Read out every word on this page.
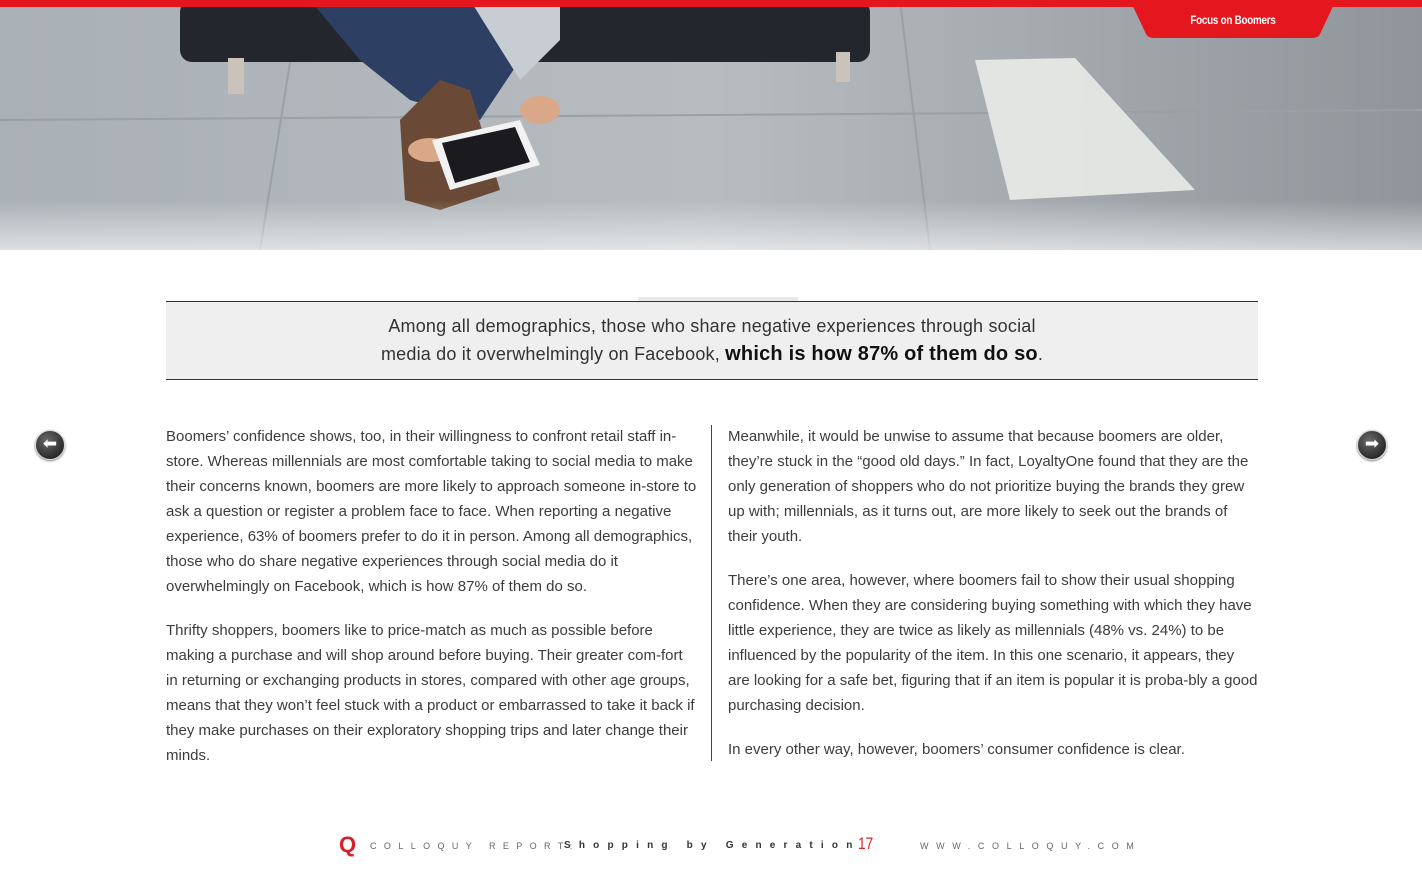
Focus on Boomers
Among all demographics, those who share negative experiences through social
media do it overwhelmingly on Facebook, which is how 87% of them do so.
⬅	➡

Boomers’ confidence shows, too, in their willingness to confront retail staff in-store. Whereas millennials are most comfortable taking to social media to make their concerns known, boomers are more likely to approach someone in-store to ask a question or register a problem face to face. When reporting a negative experience, 63% of boomers prefer to do it in person. Among all demographics, those who do share negative experiences through social media do it overwhelmingly on Facebook, which is how 87% of them do so.

Thrifty shoppers, boomers like to price-match as much as possible before making a purchase and will shop around before buying. Their greater com-fort in returning or exchanging products in stores, compared with other age groups, means that they won’t feel stuck with a product or embarrassed to take it back if they make purchases on their exploratory shopping trips and later change their minds.

Meanwhile, it would be unwise to assume that because boomers are older, they’re stuck in the “good old days.” In fact, LoyaltyOne found that they are the only generation of shoppers who do not prioritize buying the brands they grew up with; millennials, as it turns out, are more likely to seek out the brands of their youth.

There’s one area, however, where boomers fail to show their usual shopping confidence. When they are considering buying something with which they have little experience, they are twice as likely as millennials (48% vs. 24%) to be influenced by the popularity of the item. In this one scenario, it appears, they are looking for a safe bet, figuring that if an item is popular it is proba-bly a good purchasing decision.

In every other way, however, boomers’ consumer confidence is clear.

Q COLLOQUY REPORT:
Shopping by Generation
17	WWW.COLLOQUY.COM
